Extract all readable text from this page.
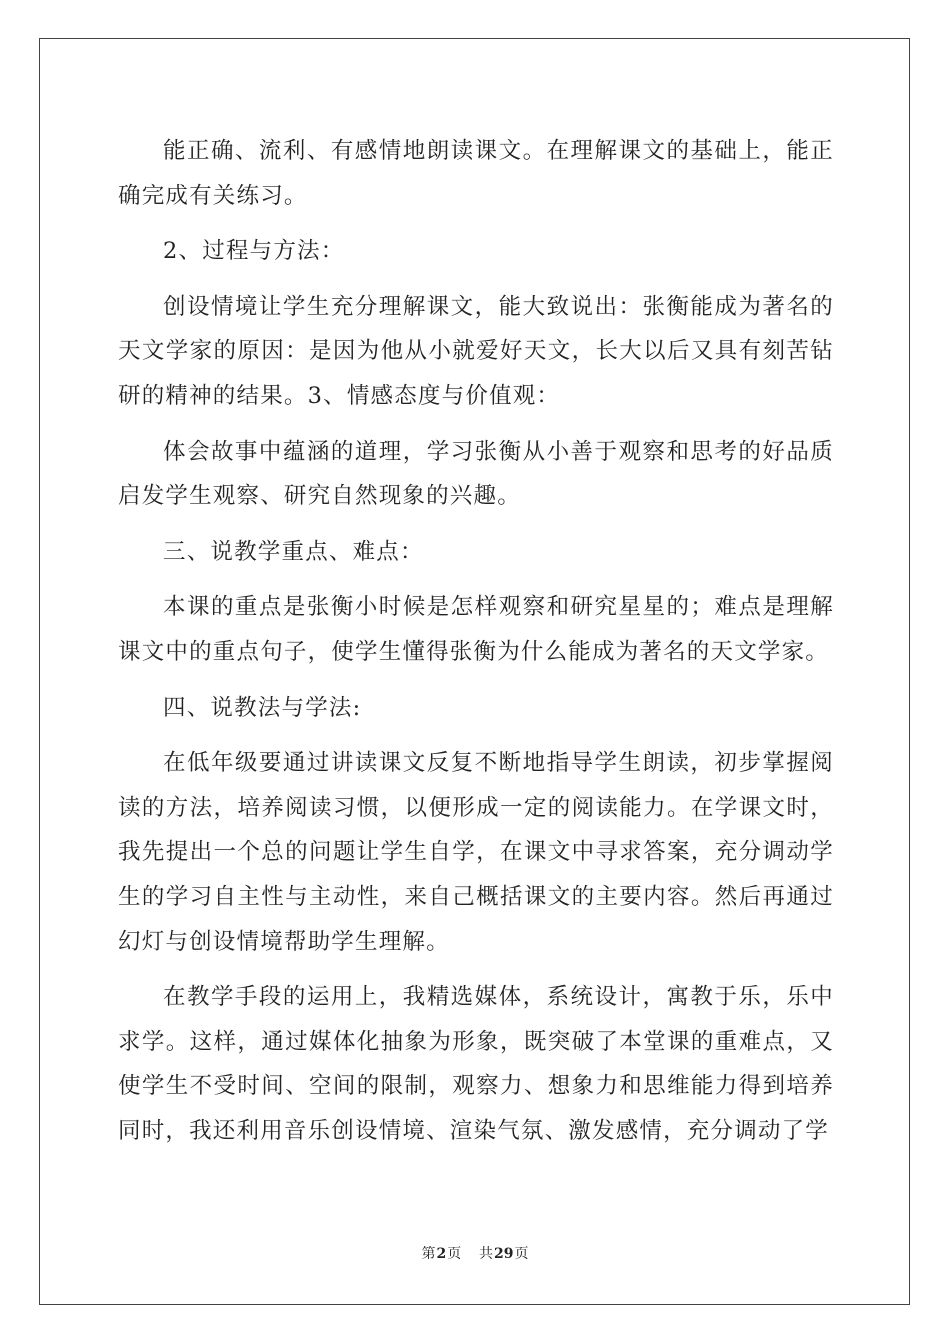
能正确、流利、有感情地朗读课文。在理解课文的基础上，能正确完成有关练习。

2、过程与方法：

创设情境让学生充分理解课文，能大致说出：张衡能成为著名的天文学家的原因：是因为他从小就爱好天文，长大以后又具有刻苦钻研的精神的结果。3、情感态度与价值观：

体会故事中蕴涵的道理，学习张衡从小善于观察和思考的好品质启发学生观察、研究自然现象的兴趣。

三、说教学重点、难点：

本课的重点是张衡小时候是怎样观察和研究星星的；难点是理解课文中的重点句子，使学生懂得张衡为什么能成为著名的天文学家。

四、说教法与学法:

在低年级要通过讲读课文反复不断地指导学生朗读，初步掌握阅读的方法，培养阅读习惯，以便形成一定的阅读能力。在学课文时，我先提出一个总的问题让学生自学，在课文中寻求答案，充分调动学生的学习自主性与主动性，来自己概括课文的主要内容。然后再通过幻灯与创设情境帮助学生理解。

在教学手段的运用上，我精选媒体，系统设计，寓教于乐，乐中求学。这样，通过媒体化抽象为形象，既突破了本堂课的重难点，又使学生不受时间、空间的限制，观察力、想象力和思维能力得到培养同时，我还利用音乐创设情境、渲染气氛、激发感情，充分调动了学

第2页 共29页
